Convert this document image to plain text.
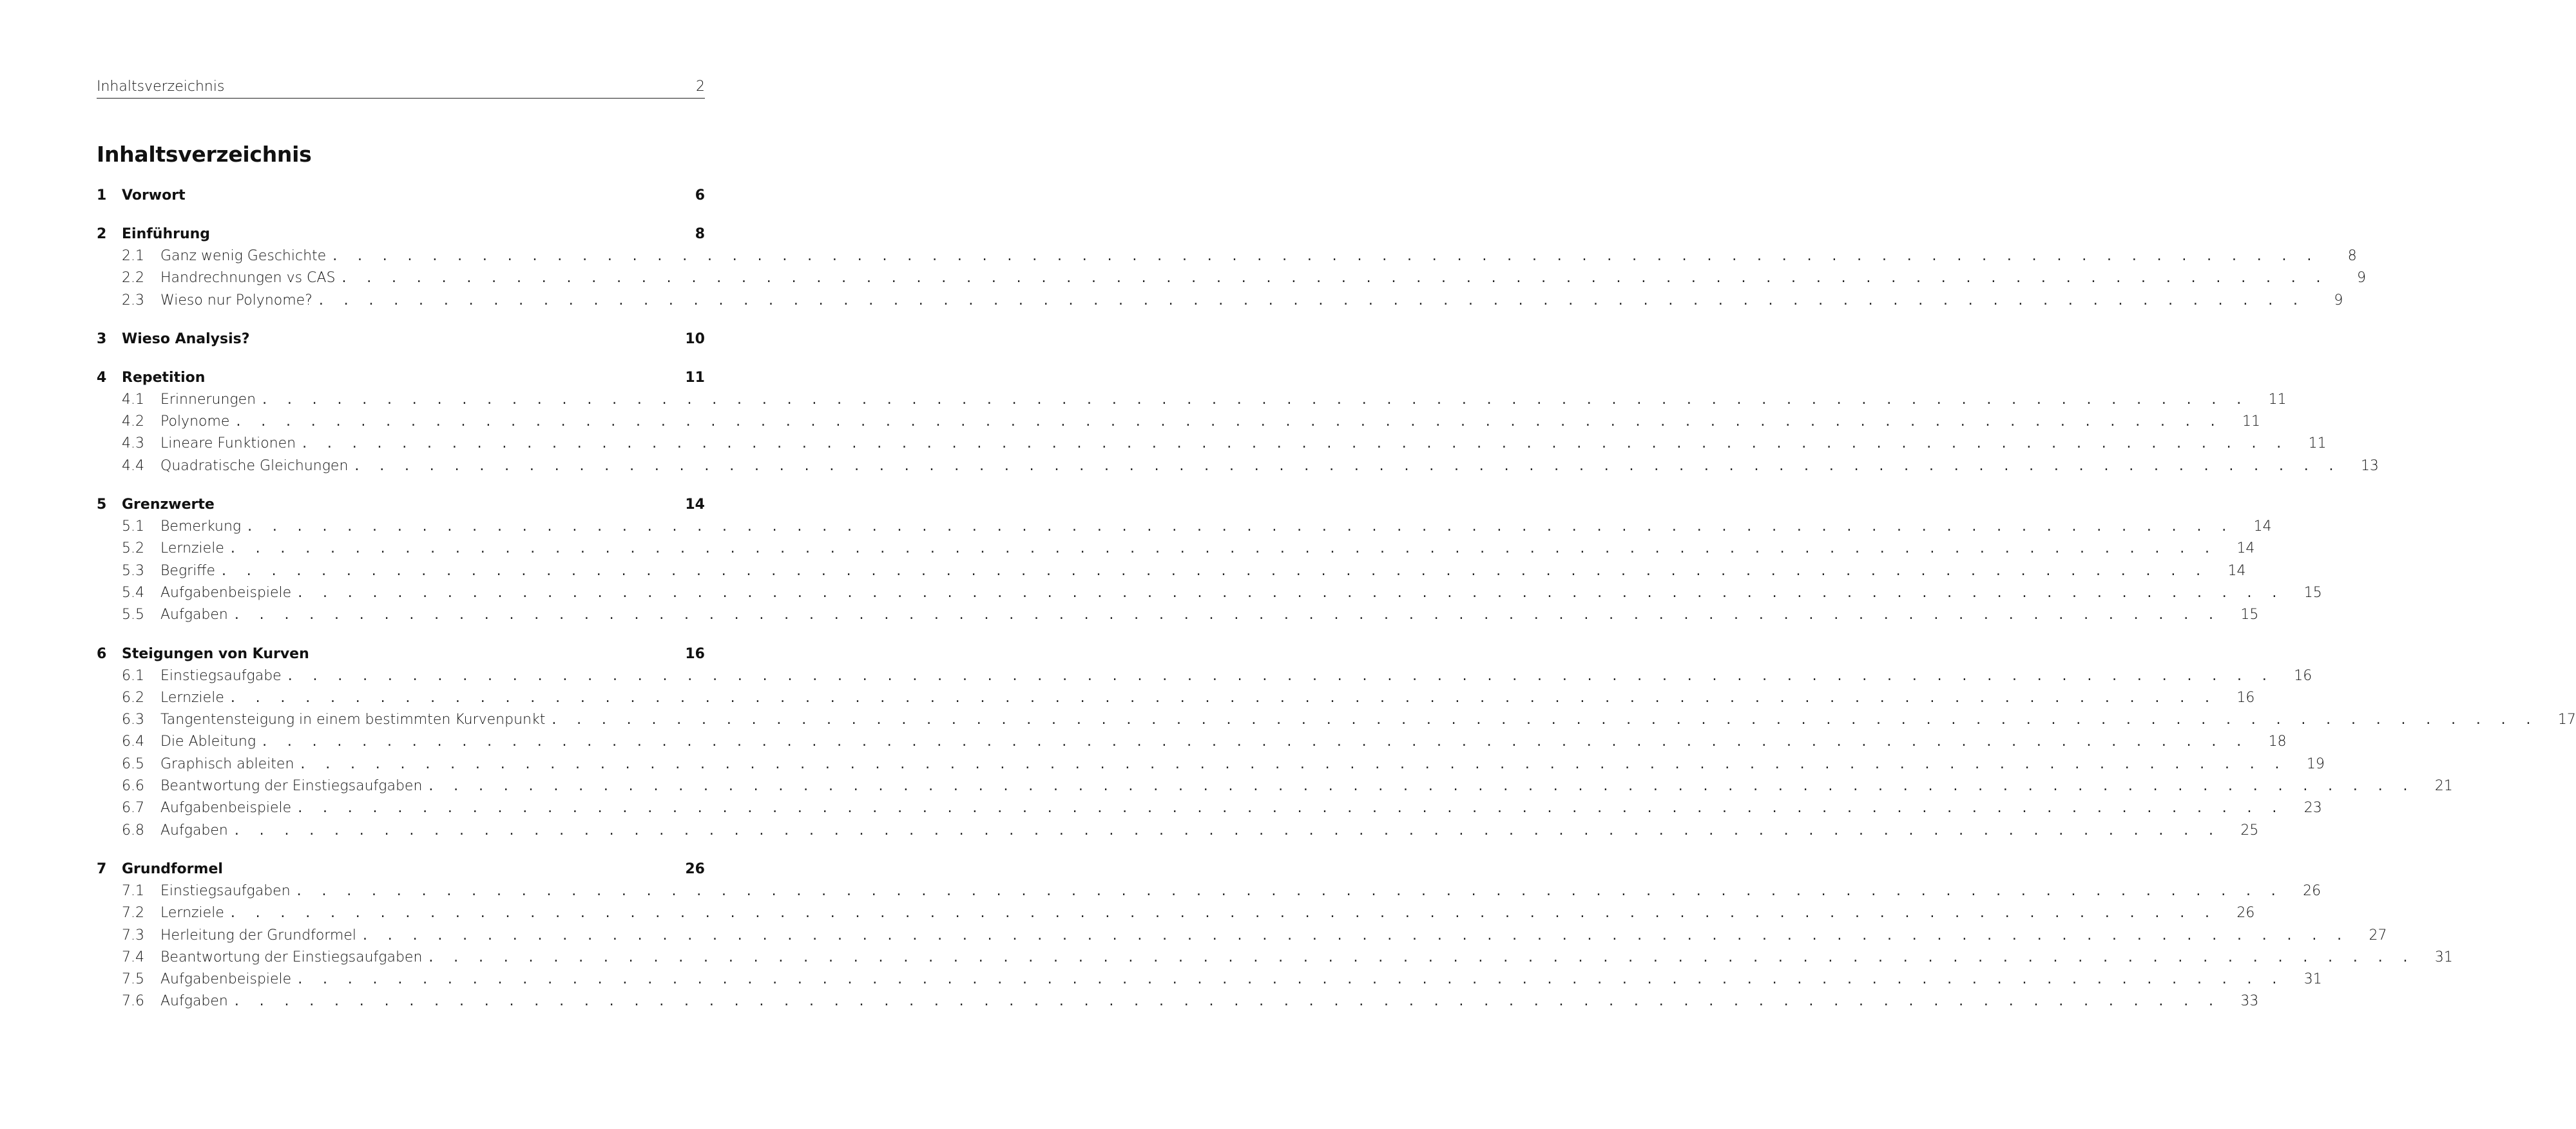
Inhaltsverzeichnis	2
Inhaltsverzeichnis
1	Vorwort	6
2	Einführung	8
2.1	Ganz wenig Geschichte . . . . . . . . . . . . . . . . . . . . . . . . . . . . . . . . . . . . . . . . . . . . . . . . . . . . . . . . . . . . . . . . . . . . . . . . . . . . . . . .	8
2.2	Handrechnungen vs CAS . . . . . . . . . . . . . . . . . . . . . . . . . . . . . . . . . . . . . . . . . . . . . . . . . . . . . . . . . . . . . . . . . . . . . . . . . . . . . . . .	9
2.3	Wieso nur Polynome? . . . . . . . . . . . . . . . . . . . . . . . . . . . . . . . . . . . . . . . . . . . . . . . . . . . . . . . . . . . . . . . . . . . . . . . . . . . . . . . .	9
3	Wieso Analysis?	10
4	Repetition	11
4.1	Erinnerungen . . . . . . . . . . . . . . . . . . . . . . . . . . . . . . . . . . . . . . . . . . . . . . . . . . . . . . . . . . . . . . . . . . . . . . . . . . . . . . . .	11
4.2	Polynome . . . . . . . . . . . . . . . . . . . . . . . . . . . . . . . . . . . . . . . . . . . . . . . . . . . . . . . . . . . . . . . . . . . . . . . . . . . . . . . .	11
4.3	Lineare Funktionen . . . . . . . . . . . . . . . . . . . . . . . . . . . . . . . . . . . . . . . . . . . . . . . . . . . . . . . . . . . . . . . . . . . . . . . . . . . . . . . .	11
4.4	Quadratische Gleichungen . . . . . . . . . . . . . . . . . . . . . . . . . . . . . . . . . . . . . . . . . . . . . . . . . . . . . . . . . . . . . . . . . . . . . . . . . . . . . . . .	13
5	Grenzwerte	14
5.1	Bemerkung . . . . . . . . . . . . . . . . . . . . . . . . . . . . . . . . . . . . . . . . . . . . . . . . . . . . . . . . . . . . . . . . . . . . . . . . . . . . . . . .	14
5.2	Lernziele . . . . . . . . . . . . . . . . . . . . . . . . . . . . . . . . . . . . . . . . . . . . . . . . . . . . . . . . . . . . . . . . . . . . . . . . . . . . . . . .	14
5.3	Begriffe . . . . . . . . . . . . . . . . . . . . . . . . . . . . . . . . . . . . . . . . . . . . . . . . . . . . . . . . . . . . . . . . . . . . . . . . . . . . . . . .	14
5.4	Aufgabenbeispiele . . . . . . . . . . . . . . . . . . . . . . . . . . . . . . . . . . . . . . . . . . . . . . . . . . . . . . . . . . . . . . . . . . . . . . . . . . . . . . . .	15
5.5	Aufgaben . . . . . . . . . . . . . . . . . . . . . . . . . . . . . . . . . . . . . . . . . . . . . . . . . . . . . . . . . . . . . . . . . . . . . . . . . . . . . . . .	15
6	Steigungen von Kurven	16
6.1	Einstiegsaufgabe . . . . . . . . . . . . . . . . . . . . . . . . . . . . . . . . . . . . . . . . . . . . . . . . . . . . . . . . . . . . . . . . . . . . . . . . . . . . . . . .	16
6.2	Lernziele . . . . . . . . . . . . . . . . . . . . . . . . . . . . . . . . . . . . . . . . . . . . . . . . . . . . . . . . . . . . . . . . . . . . . . . . . . . . . . . .	16
6.3	Tangentensteigung in einem bestimmten Kurvenpunkt . . . . . . . . . . . . . . . . . . . . . . . . . . . . . . . . . . . . . . . . . . . . . . . . . . . . . . . . . . . . . . . . . . . . . . . . . . . . . . . .	17
6.4	Die Ableitung . . . . . . . . . . . . . . . . . . . . . . . . . . . . . . . . . . . . . . . . . . . . . . . . . . . . . . . . . . . . . . . . . . . . . . . . . . . . . . . .	18
6.5	Graphisch ableiten . . . . . . . . . . . . . . . . . . . . . . . . . . . . . . . . . . . . . . . . . . . . . . . . . . . . . . . . . . . . . . . . . . . . . . . . . . . . . . . .	19
6.6	Beantwortung der Einstiegsaufgaben . . . . . . . . . . . . . . . . . . . . . . . . . . . . . . . . . . . . . . . . . . . . . . . . . . . . . . . . . . . . . . . . . . . . . . . . . . . . . . . .	21
6.7	Aufgabenbeispiele . . . . . . . . . . . . . . . . . . . . . . . . . . . . . . . . . . . . . . . . . . . . . . . . . . . . . . . . . . . . . . . . . . . . . . . . . . . . . . . .	23
6.8	Aufgaben . . . . . . . . . . . . . . . . . . . . . . . . . . . . . . . . . . . . . . . . . . . . . . . . . . . . . . . . . . . . . . . . . . . . . . . . . . . . . . . .	25
7	Grundformel	26
7.1	Einstiegsaufgaben . . . . . . . . . . . . . . . . . . . . . . . . . . . . . . . . . . . . . . . . . . . . . . . . . . . . . . . . . . . . . . . . . . . . . . . . . . . . . . . .	26
7.2	Lernziele . . . . . . . . . . . . . . . . . . . . . . . . . . . . . . . . . . . . . . . . . . . . . . . . . . . . . . . . . . . . . . . . . . . . . . . . . . . . . . . .	26
7.3	Herleitung der Grundformel . . . . . . . . . . . . . . . . . . . . . . . . . . . . . . . . . . . . . . . . . . . . . . . . . . . . . . . . . . . . . . . . . . . . . . . . . . . . . . . .	27
7.4	Beantwortung der Einstiegsaufgaben . . . . . . . . . . . . . . . . . . . . . . . . . . . . . . . . . . . . . . . . . . . . . . . . . . . . . . . . . . . . . . . . . . . . . . . . . . . . . . . .	31
7.5	Aufgabenbeispiele . . . . . . . . . . . . . . . . . . . . . . . . . . . . . . . . . . . . . . . . . . . . . . . . . . . . . . . . . . . . . . . . . . . . . . . . . . . . . . . .	31
7.6	Aufgaben . . . . . . . . . . . . . . . . . . . . . . . . . . . . . . . . . . . . . . . . . . . . . . . . . . . . . . . . . . . . . . . . . . . . . . . . . . . . . . . .	33
